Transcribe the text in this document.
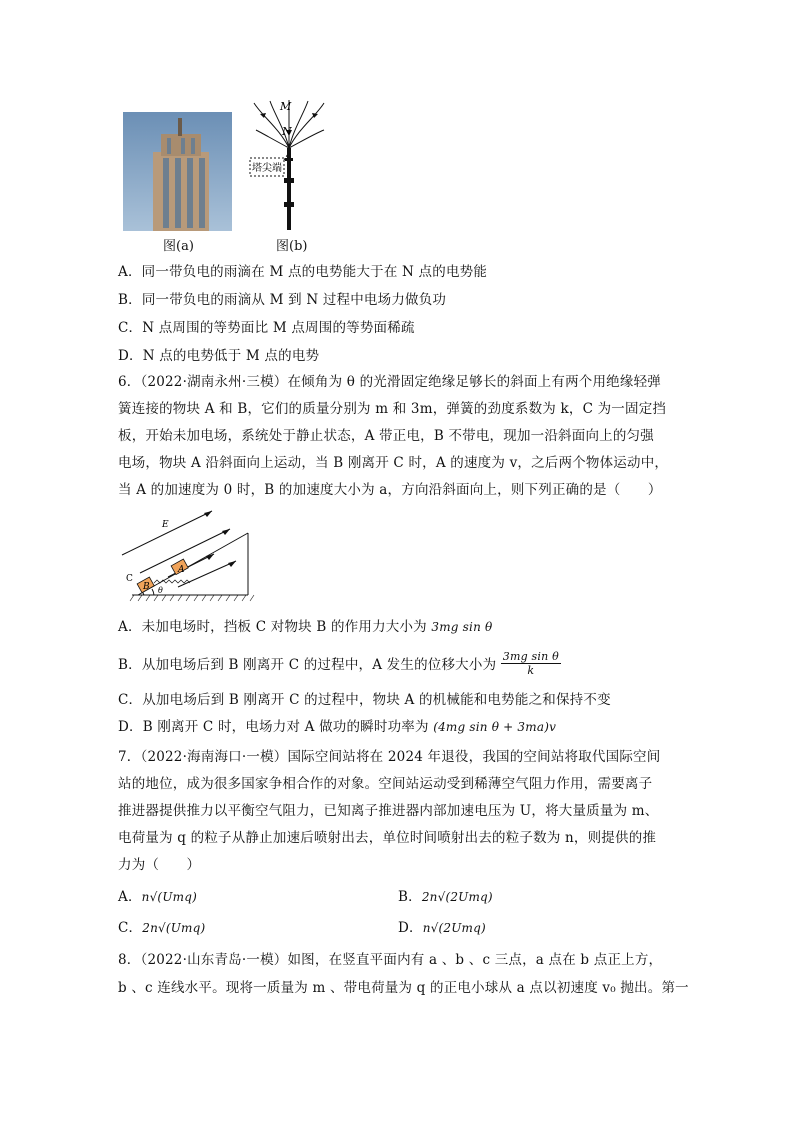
图(a)
M
N
塔尖端
图(b)
A．同一带负电的雨滴在 M 点的电势能大于在 N 点的电势能
B．同一带负电的雨滴从 M 到 N 过程中电场力做负功
C．N 点周围的等势面比 M 点周围的等势面稀疏
D．N 点的电势低于 M 点的电势
6．（2022·湖南永州·三模）在倾角为 θ 的光滑固定绝缘足够长的斜面上有两个用绝缘轻弹
簧连接的物块 A 和 B，它们的质量分别为 m 和 3m，弹簧的劲度系数为 k，C 为一固定挡
板，开始未加电场，系统处于静止状态，A 带正电，B 不带电，现加一沿斜面向上的匀强
电场，物块 A 沿斜面向上运动，当 B 刚离开 C 时，A 的速度为 v，之后两个物体运动中，
当 A 的加速度为 0 时，B 的加速度大小为 a，方向沿斜面向上，则下列正确的是（　　）
E
C
B
A
θ
A．未加电场时，挡板 C 对物块 B 的作用力大小为 3mg sin θ
B．从加电场后到 B 刚离开 C 的过程中，A 发生的位移大小为 $\frac{\text{3mg sin θ}}{k}$
C．从加电场后到 B 刚离开 C 的过程中，物块 A 的机械能和电势能之和保持不变
D．B 刚离开 C 时，电场力对 A 做功的瞬时功率为 (4mg sin θ + 3ma)v
7．（2022·海南海口·一模）国际空间站将在 2024 年退役，我国的空间站将取代国际空间
站的地位，成为很多国家争相合作的对象。空间站运动受到稀薄空气阻力作用，需要离子
推进器提供推力以平衡空气阻力，已知离子推进器内部加速电压为 U，将大量质量为 m、
电荷量为 q 的粒子从静止加速后喷射出去，单位时间喷射出去的粒子数为 n，则提供的推
力为（　　）
A．n√(Umq)	B．2n√(2Umq)
C．2n√(Umq)	D．n√(2Umq)
8．（2022·山东青岛·一模）如图，在竖直平面内有 a 、b 、c 三点，a 点在 b 点正上方，
b 、c 连线水平。现将一质量为 m 、带电荷量为 q 的正电小球从 a 点以初速度 v₀ 抛出。第一
